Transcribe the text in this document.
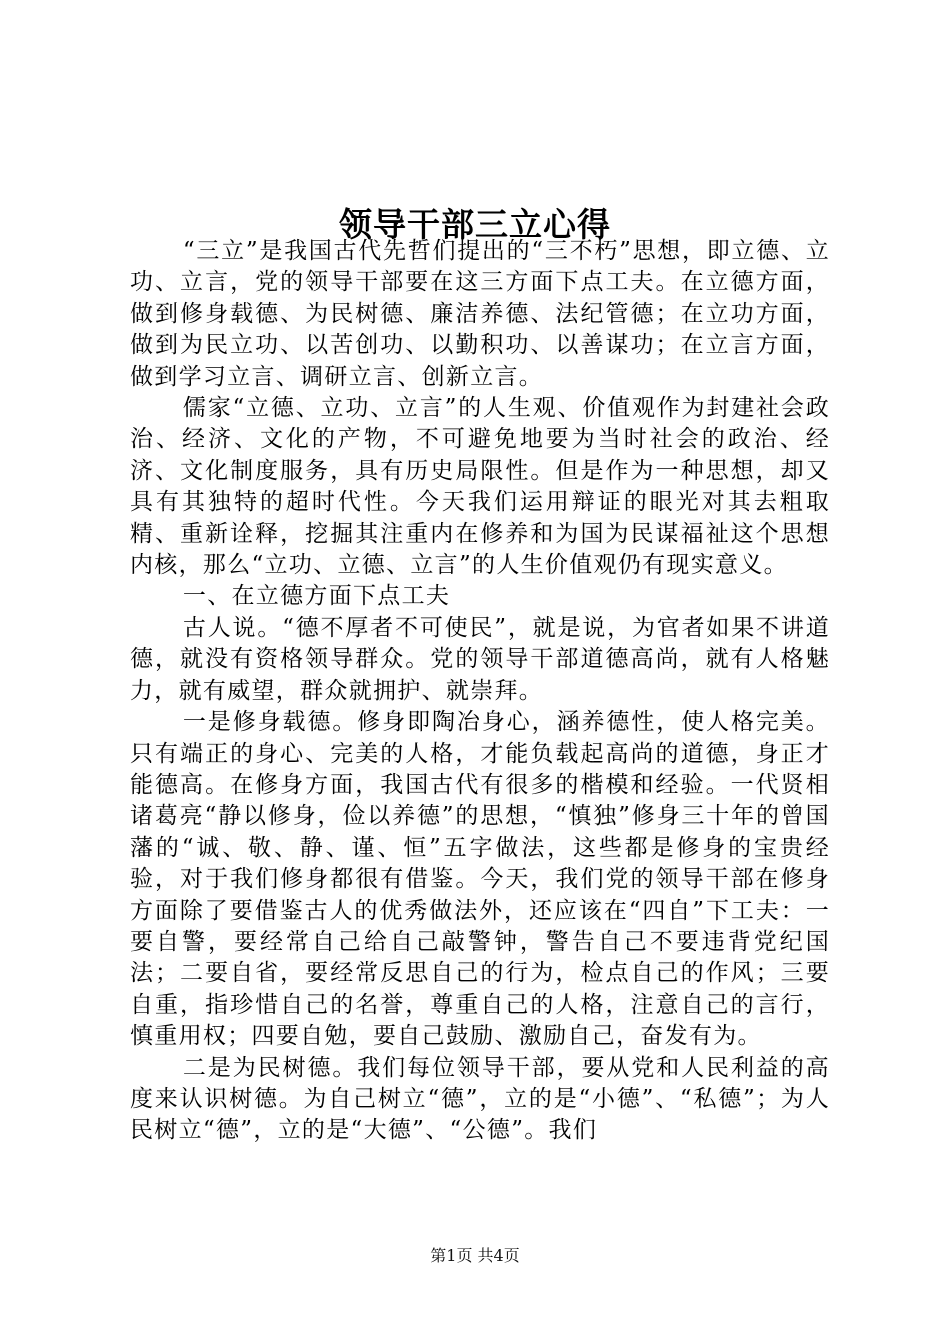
领导干部三立心得

“三立”是我国古代先哲们提出的“三不朽”思想，即立德、立功、立言，党的领导干部要在这三方面下点工夫。在立德方面，做到修身载德、为民树德、廉洁养德、法纪管德；在立功方面，做到为民立功、以苦创功、以勤积功、以善谋功；在立言方面，做到学习立言、调研立言、创新立言。

儒家“立德、立功、立言”的人生观、价值观作为封建社会政治、经济、文化的产物，不可避免地要为当时社会的政治、经济、文化制度服务，具有历史局限性。但是作为一种思想，却又具有其独特的超时代性。今天我们运用辩证的眼光对其去粗取精、重新诠释，挖掘其注重内在修养和为国为民谋福祉这个思想内核，那么“立功、立德、立言”的人生价值观仍有现实意义。

一、在立德方面下点工夫

古人说。“德不厚者不可使民”，就是说，为官者如果不讲道德，就没有资格领导群众。党的领导干部道德高尚，就有人格魅力，就有威望，群众就拥护、就崇拜。

一是修身载德。修身即陶冶身心，涵养德性，使人格完美。只有端正的身心、完美的人格，才能负载起高尚的道德，身正才能德高。在修身方面，我国古代有很多的楷模和经验。一代贤相诸葛亮“静以修身，俭以养德”的思想，“慎独”修身三十年的曾国藩的“诚、敬、静、谨、恒”五字做法，这些都是修身的宝贵经验，对于我们修身都很有借鉴。今天，我们党的领导干部在修身方面除了要借鉴古人的优秀做法外，还应该在“四自”下工夫：一要自警，要经常自己给自己敲警钟，警告自己不要违背党纪国法；二要自省，要经常反思自己的行为，检点自己的作风；三要自重，指珍惜自己的名誉，尊重自己的人格，注意自己的言行，慎重用权；四要自勉，要自己鼓励、激励自己，奋发有为。

二是为民树德。我们每位领导干部，要从党和人民利益的高度来认识树德。为自己树立“德”，立的是“小德”、“私德”；为人民树立“德”，立的是“大德”、“公德”。我们

第1页 共4页
